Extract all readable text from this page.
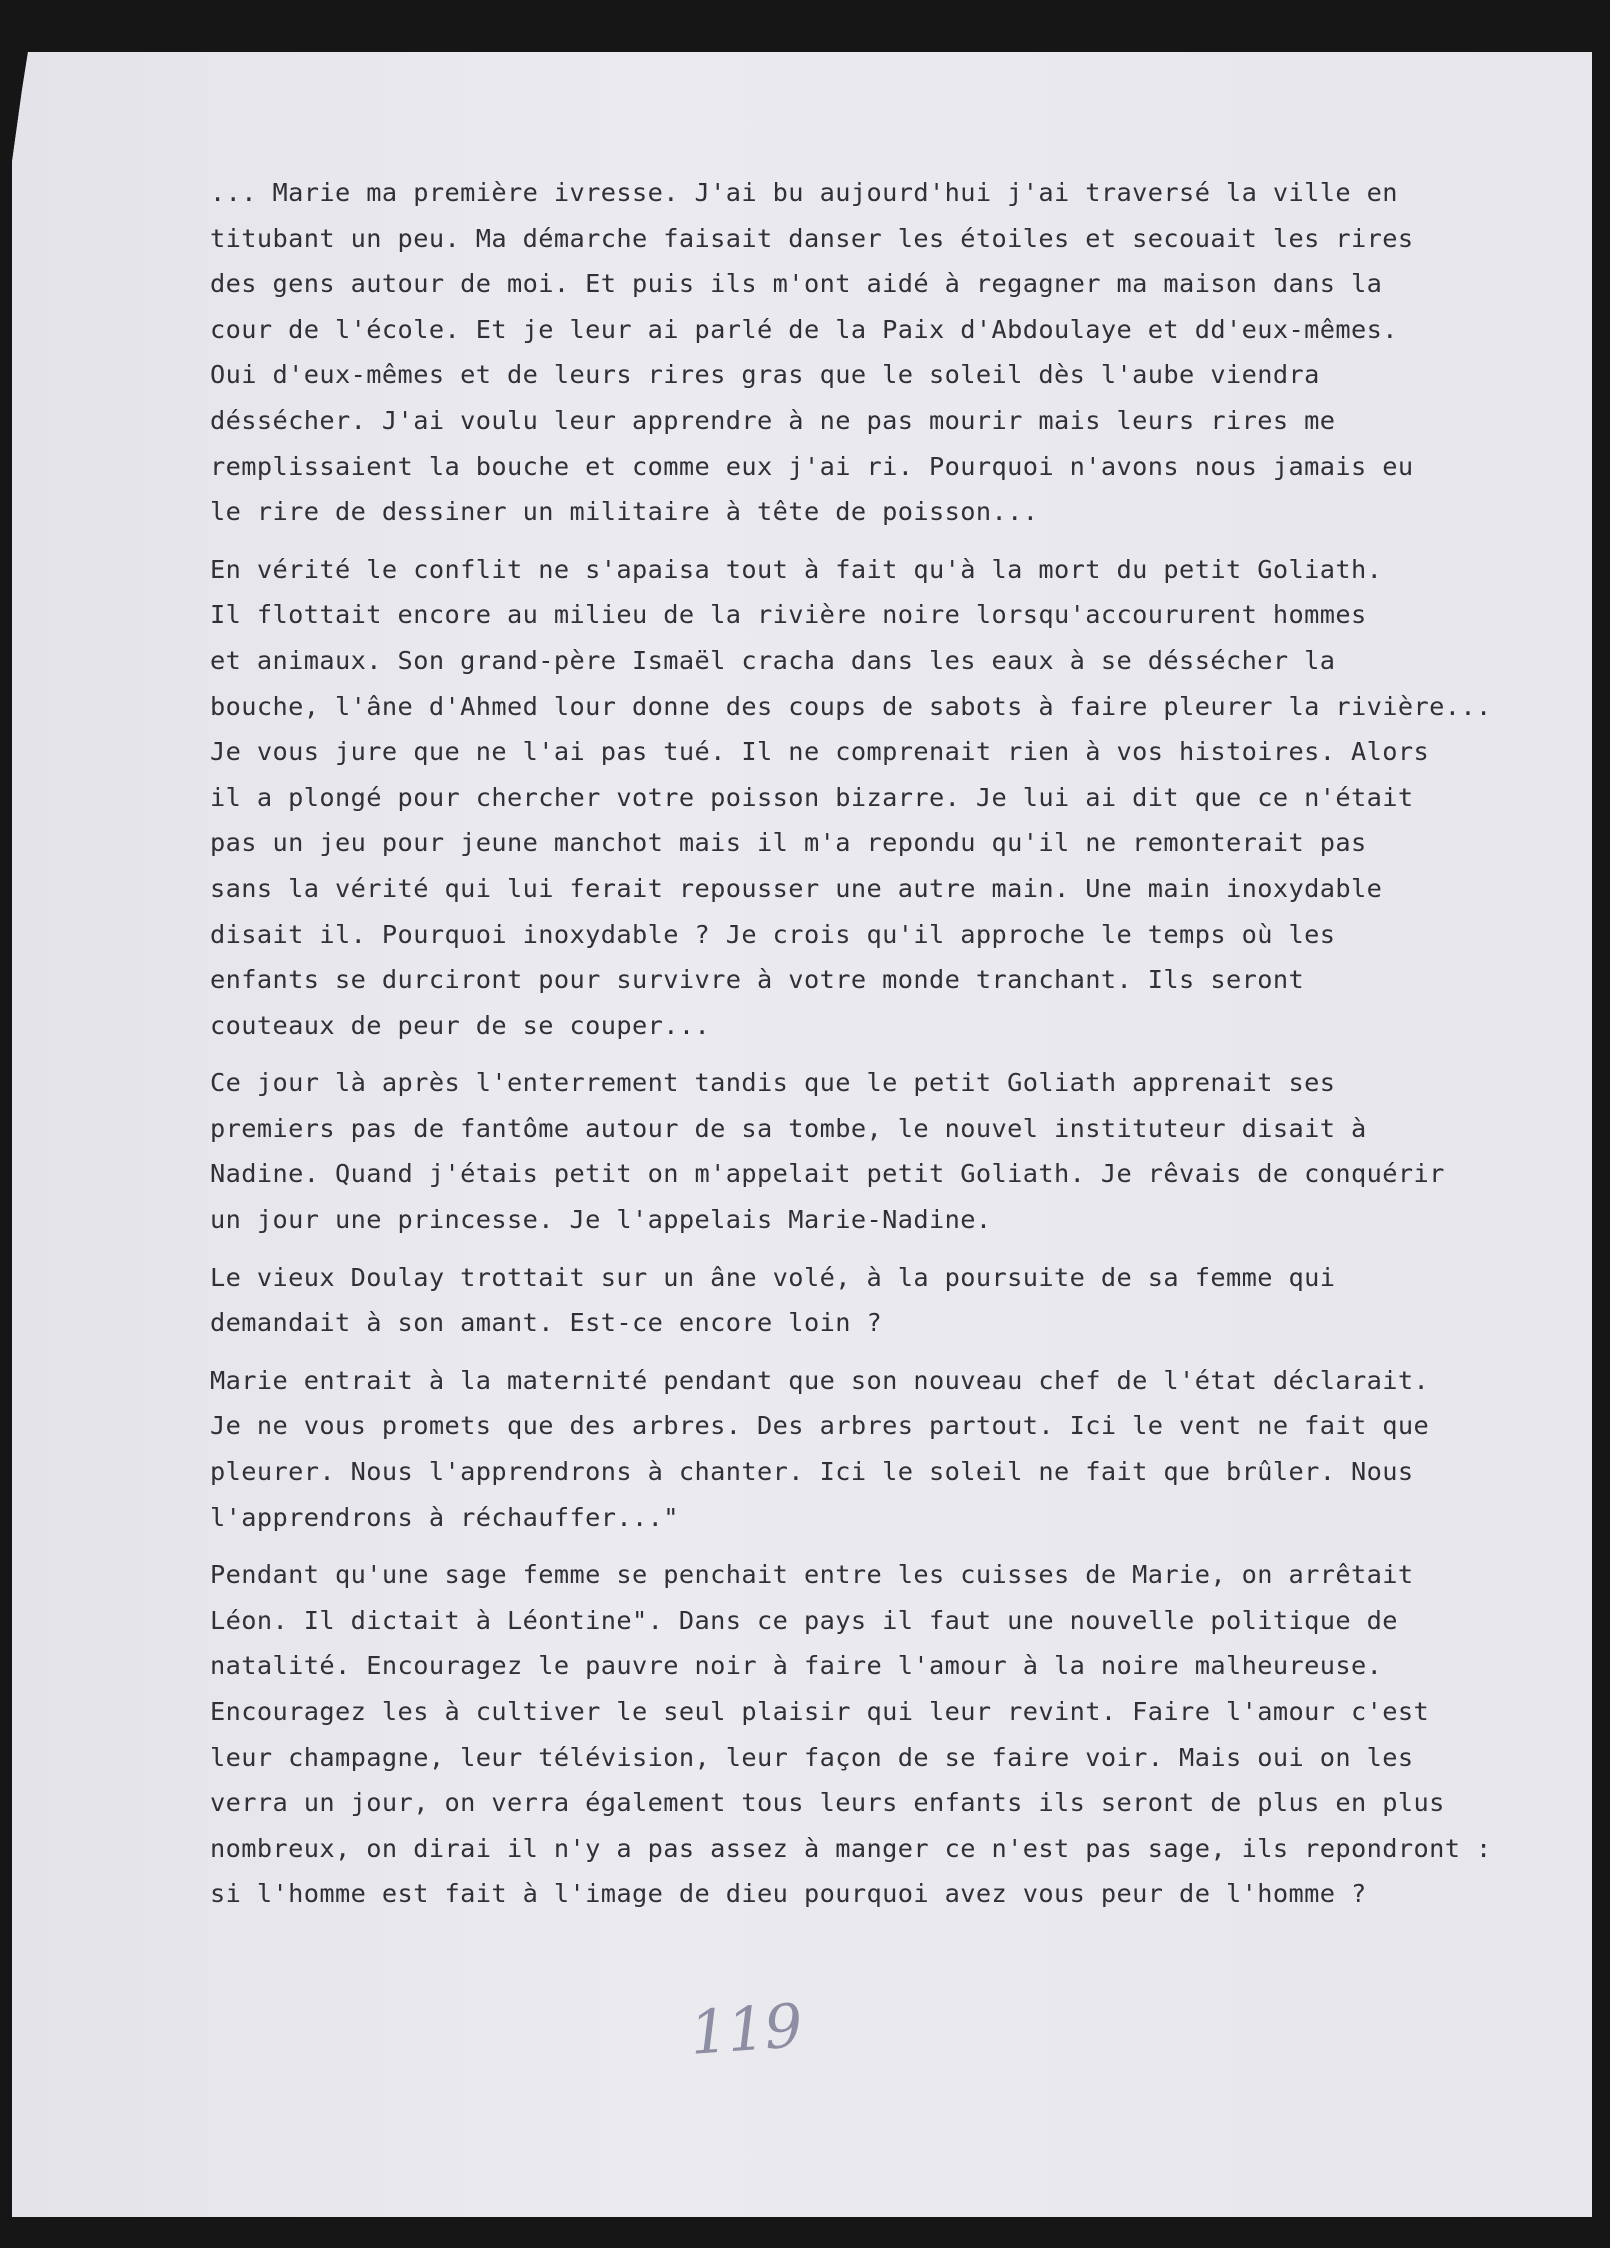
... Marie ma première ivresse. J'ai bu aujourd'hui j'ai traversé la ville en
titubant un peu. Ma démarche faisait danser les étoiles et secouait les rires
des gens autour de moi. Et puis ils m'ont aidé à regagner ma maison dans la
cour de l'école. Et je leur ai parlé de la Paix d'Abdoulaye et dd'eux-mêmes.
Oui d'eux-mêmes et de leurs rires gras que le soleil dès l'aube viendra
déssécher. J'ai voulu leur apprendre à ne pas mourir mais leurs rires me
remplissaient la bouche et comme eux j'ai ri. Pourquoi n'avons nous jamais eu
le rire de dessiner un militaire à tête de poisson...
En vérité le conflit ne s'apaisa tout à fait qu'à la mort du petit Goliath.
Il flottait encore au milieu de la rivière noire lorsqu'accoururent hommes
et animaux. Son grand-père Ismaël cracha dans les eaux à se déssécher la
bouche, l'âne d'Ahmed lour donne des coups de sabots à faire pleurer la rivière...
Je vous jure que ne l'ai pas tué. Il ne comprenait rien à vos histoires. Alors
il a plongé pour chercher votre poisson bizarre. Je lui ai dit que ce n'était
pas un jeu pour jeune manchot mais il m'a repondu qu'il ne remonterait pas
sans la vérité qui lui ferait repousser une autre main. Une main inoxydable
disait il. Pourquoi inoxydable ? Je crois qu'il approche le temps où les
enfants se durciront pour survivre à votre monde tranchant. Ils seront
couteaux de peur de se couper...
Ce jour là après l'enterrement tandis que le petit Goliath apprenait ses
premiers pas de fantôme autour de sa tombe, le nouvel instituteur disait à
Nadine. Quand j'étais petit on m'appelait petit Goliath. Je rêvais de conquérir
un jour une princesse. Je l'appelais Marie-Nadine.
Le vieux Doulay trottait sur un âne volé, à la poursuite de sa femme qui
demandait à son amant. Est-ce encore loin ?
Marie entrait à la maternité pendant que son nouveau chef de l'état déclarait.
Je ne vous promets que des arbres. Des arbres partout. Ici le vent ne fait que
pleurer. Nous l'apprendrons à chanter. Ici le soleil ne fait que brûler. Nous
l'apprendrons à réchauffer..."
Pendant qu'une sage femme se penchait entre les cuisses de Marie, on arrêtait
Léon. Il dictait à Léontine". Dans ce pays il faut une nouvelle politique de
natalité. Encouragez le pauvre noir à faire l'amour à la noire malheureuse.
Encouragez les à cultiver le seul plaisir qui leur revint. Faire l'amour c'est
leur champagne, leur télévision, leur façon de se faire voir. Mais oui on les
verra un jour, on verra également tous leurs enfants ils seront de plus en plus
nombreux, on dirai il n'y a pas assez à manger ce n'est pas sage, ils repondront :
si l'homme est fait à l'image de dieu pourquoi avez vous peur de l'homme ?
119
